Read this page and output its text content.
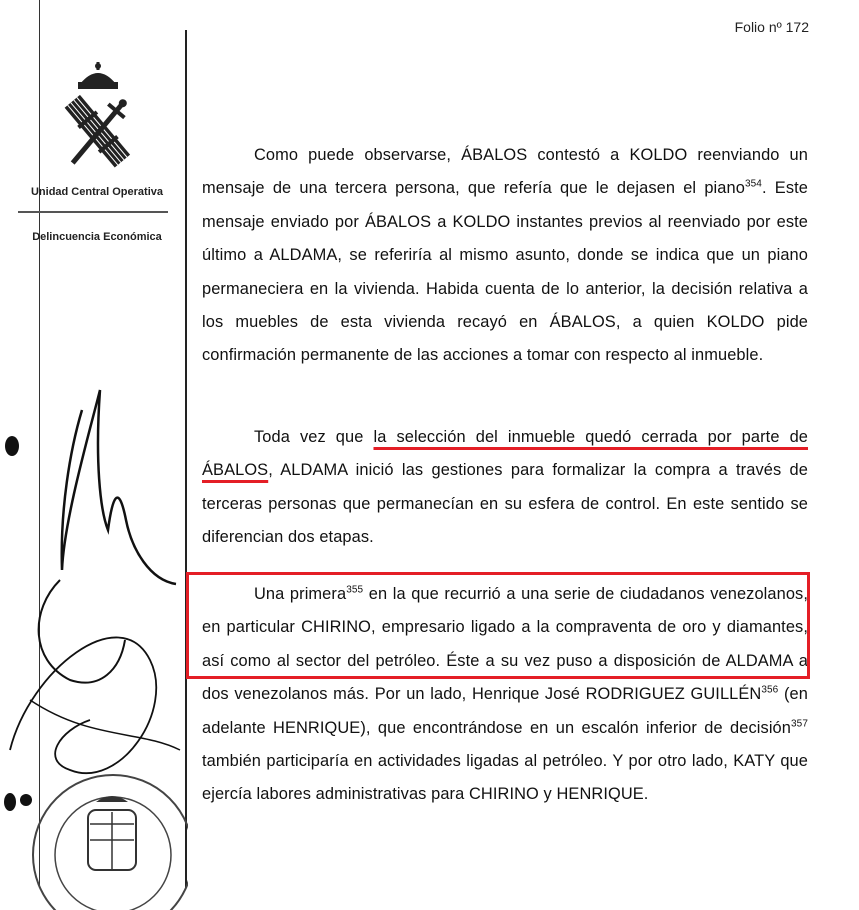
Folio nº 172
Unidad Central Operativa
Delincuencia Económica

Como puede observarse, ÁBALOS contestó a KOLDO reenviando un mensaje de una tercera persona, que refería que le dejasen el piano$^{354}$. Este mensaje enviado por ÁBALOS a KOLDO instantes previos al reenviado por este último a ALDAMA, se referiría al mismo asunto, donde se indica que un piano permaneciera en la vivienda. Habida cuenta de lo anterior, la decisión relativa a los muebles de esta vivienda recayó en ÁBALOS, a quien KOLDO pide confirmación permanente de las acciones a tomar con respecto al inmueble.

Toda vez que la selección del inmueble quedó cerrada por parte de ÁBALOS, ALDAMA inició las gestiones para formalizar la compra a través de terceras personas que permanecían en su esfera de control. En este sentido se diferencian dos etapas.

Una primera$^{355}$ en la que recurrió a una serie de ciudadanos venezolanos, en particular CHIRINO, empresario ligado a la compraventa de oro y diamantes, así como al sector del petróleo. Éste a su vez puso a disposición de ALDAMA a dos venezolanos más. Por un lado, Henrique José RODRIGUEZ GUILLÉN$^{356}$ (en adelante HENRIQUE), que encontrándose en un escalón inferior de decisión$^{357}$ también participaría en actividades ligadas al petróleo. Y por otro lado, KATY que ejercía labores administrativas para CHIRINO y HENRIQUE.
